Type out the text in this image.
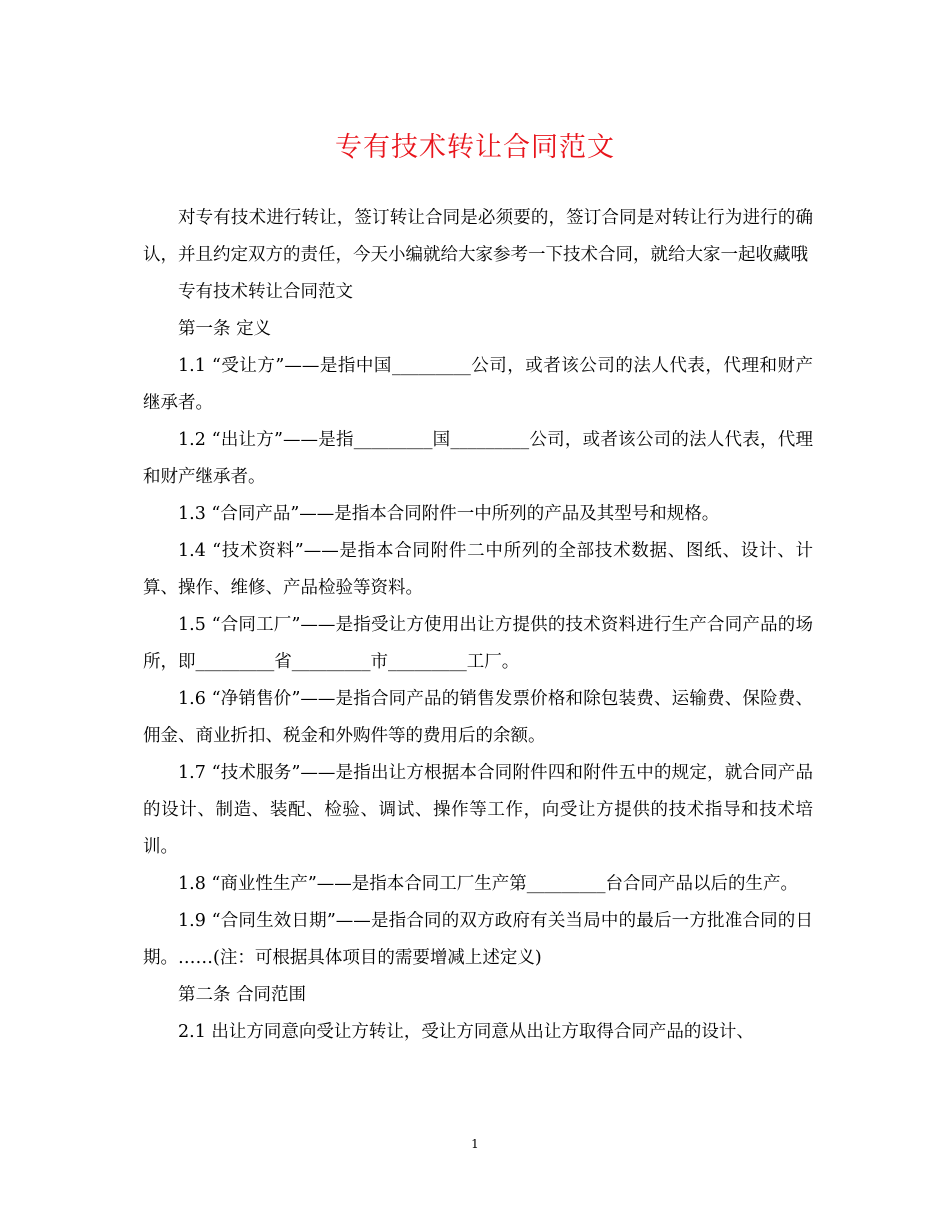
专有技术转让合同范文

对专有技术进行转让，签订转让合同是必须要的，签订合同是对转让行为进行的确认，并且约定双方的责任，今天小编就给大家参考一下技术合同，就给大家一起收藏哦

专有技术转让合同范文

第一条 定义

1.1 “受让方”——是指中国_________公司，或者该公司的法人代表，代理和财产继承者。

1.2 “出让方”——是指_________国_________公司，或者该公司的法人代表，代理和财产继承者。

1.3 “合同产品”——是指本合同附件一中所列的产品及其型号和规格。

1.4 “技术资料”——是指本合同附件二中所列的全部技术数据、图纸、设计、计算、操作、维修、产品检验等资料。

1.5 “合同工厂”——是指受让方使用出让方提供的技术资料进行生产合同产品的场所，即_________省_________市_________工厂。

1.6 “净销售价”——是指合同产品的销售发票价格和除包装费、运输费、保险费、佣金、商业折扣、税金和外购件等的费用后的余额。

1.7 “技术服务”——是指出让方根据本合同附件四和附件五中的规定，就合同产品的设计、制造、装配、检验、调试、操作等工作，向受让方提供的技术指导和技术培训。

1.8 “商业性生产”——是指本合同工厂生产第_________台合同产品以后的生产。

1.9 “合同生效日期”——是指合同的双方政府有关当局中的最后一方批准合同的日期。……(注：可根据具体项目的需要增减上述定义)

第二条 合同范围

2.1 出让方同意向受让方转让，受让方同意从出让方取得合同产品的设计、

1
